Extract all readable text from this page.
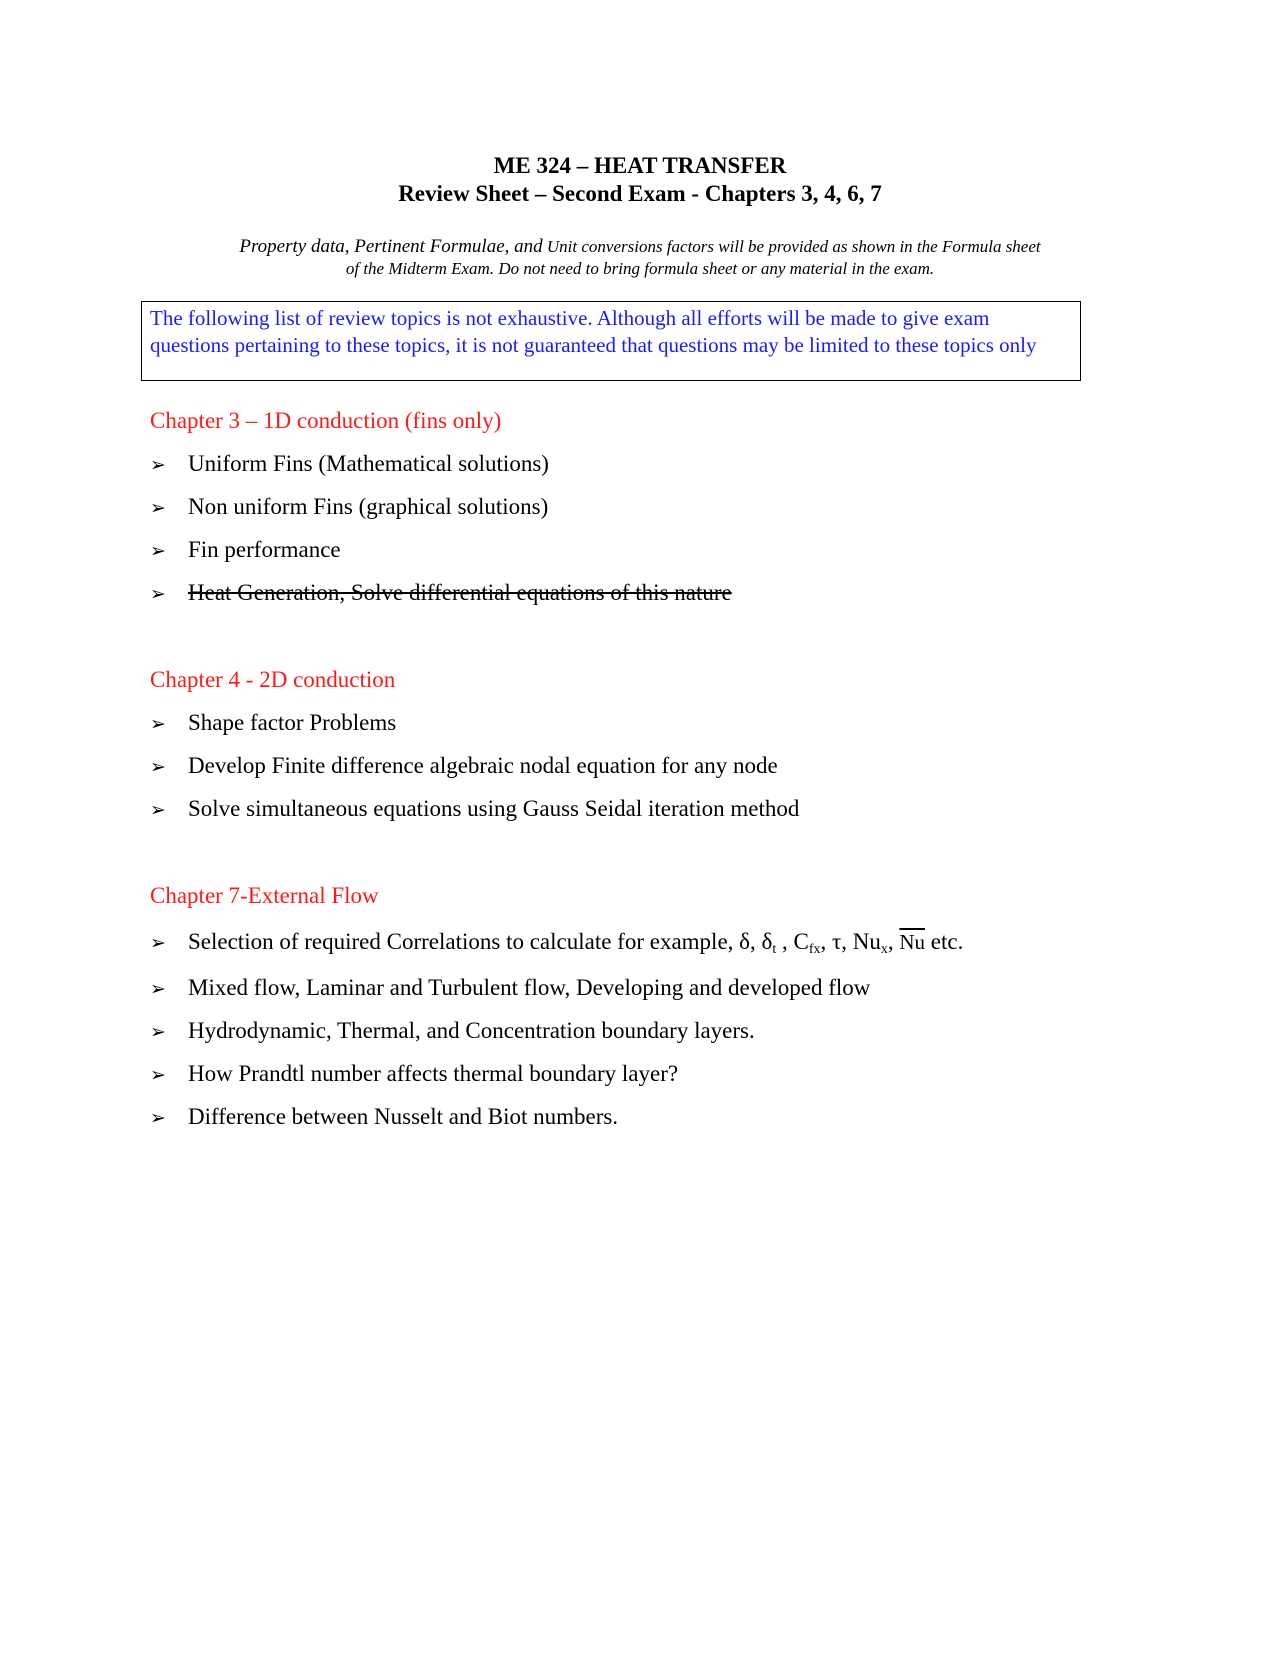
ME 324 – HEAT TRANSFER
Review Sheet – Second Exam - Chapters 3, 4, 6, 7
Property data, Pertinent Formulae, and Unit conversions factors will be provided as shown in the Formula sheet
of the Midterm Exam. Do not need to bring formula sheet or any material in the exam.
The following list of review topics is not exhaustive. Although all efforts will be made to give exam questions pertaining to these topics, it is not guaranteed that questions may be limited to these topics only
Chapter 3 – 1D conduction (fins only)
➢ Uniform Fins (Mathematical solutions)
➢ Non uniform Fins (graphical solutions)
➢ Fin performance
➢ Heat Generation, Solve differential equations of this nature
Chapter 4 - 2D conduction
➢ Shape factor Problems
➢ Develop Finite difference algebraic nodal equation for any node
➢ Solve simultaneous equations using Gauss Seidal iteration method
Chapter 7-External Flow
➢ Selection of required Correlations to calculate for example, δ, $\delta_t$ , $C_{fx}$, τ, $Nu_x$, $\overline{Nu}$ etc.
➢ Mixed flow, Laminar and Turbulent flow, Developing and developed flow
➢ Hydrodynamic, Thermal, and Concentration boundary layers.
➢ How Prandtl number affects thermal boundary layer?
➢ Difference between Nusselt and Biot numbers.
